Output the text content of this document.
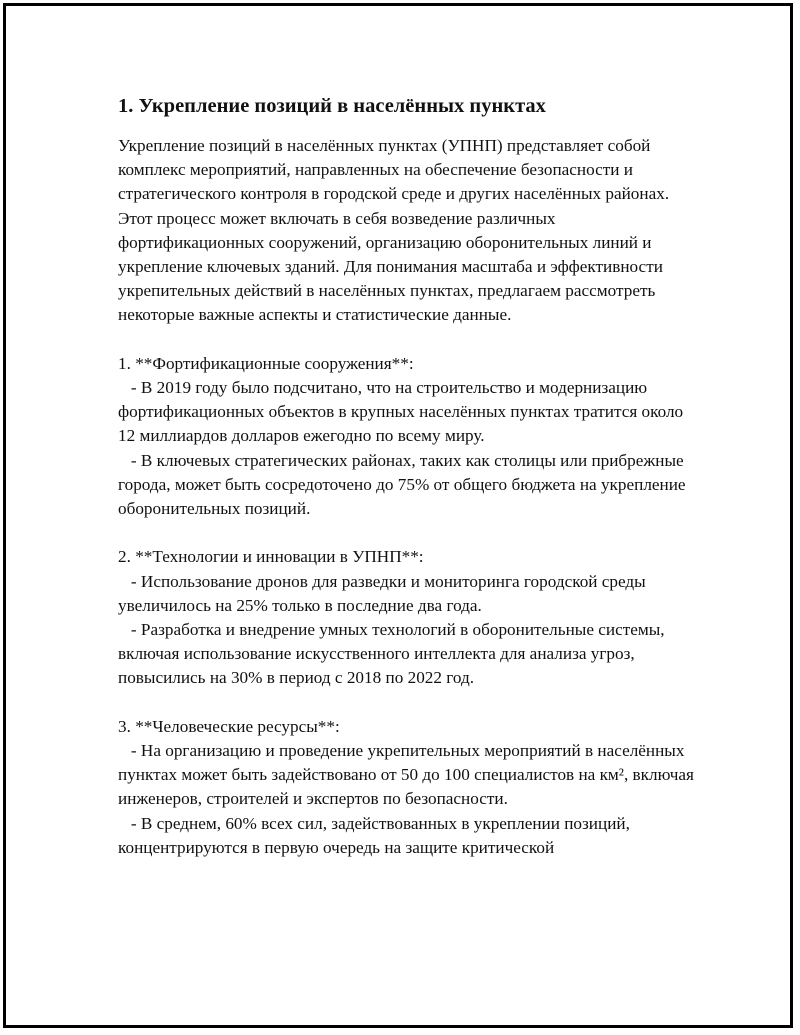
1. Укрепление позиций в населённых пунктах

Укрепление позиций в населённых пунктах (УПНП) представляет собой комплекс мероприятий, направленных на обеспечение безопасности и стратегического контроля в городской среде и других населённых районах. Этот процесс может включать в себя возведение различных фортификационных сооружений, организацию оборонительных линий и укрепление ключевых зданий. Для понимания масштаба и эффективности укрепительных действий в населённых пунктах, предлагаем рассмотреть некоторые важные аспекты и статистические данные.

1. **Фортификационные сооружения**:

- В 2019 году было подсчитано, что на строительство и модернизацию фортификационных объектов в крупных населённых пунктах тратится около 12 миллиардов долларов ежегодно по всему миру.

- В ключевых стратегических районах, таких как столицы или прибрежные города, может быть сосредоточено до 75% от общего бюджета на укрепление оборонительных позиций.

2. **Технологии и инновации в УПНП**:

- Использование дронов для разведки и мониторинга городской среды увеличилось на 25% только в последние два года.

- Разработка и внедрение умных технологий в оборонительные системы, включая использование искусственного интеллекта для анализа угроз, повысились на 30% в период с 2018 по 2022 год.

3. **Человеческие ресурсы**:

- На организацию и проведение укрепительных мероприятий в населённых пунктах может быть задействовано от 50 до 100 специалистов на км², включая инженеров, строителей и экспертов по безопасности.

- В среднем, 60% всех сил, задействованных в укреплении позиций, концентрируются в первую очередь на защите критической
